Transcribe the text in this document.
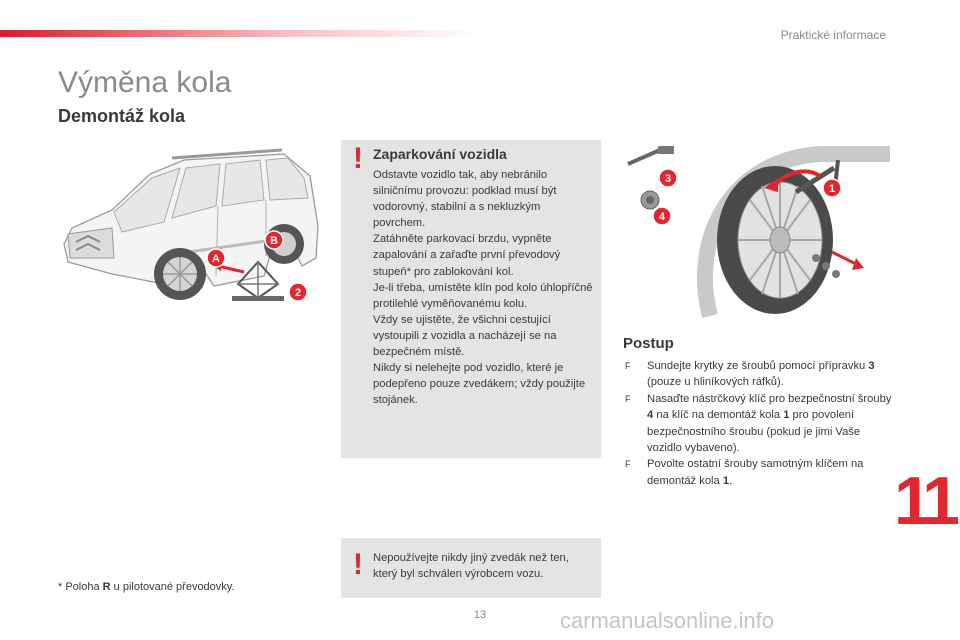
Praktické informace
Výměna kola
Demontáž kola
A
B
2
! Zaparkování vozidla

Odstavte vozidlo tak, aby nebránilo silničnímu provozu: podklad musí být vodorovný, stabilní a s nekluzkým povrchem.

Zatáhněte parkovací brzdu, vypněte zapalování a zařaďte první převodový stupeň* pro zablokování kol.

Je-li třeba, umístěte klín pod kolo úhlopříčně protilehlé vyměňovanému kolu.

Vždy se ujistěte, že všichni cestující vystoupili z vozidla a nacházejí se na bezpečném místě.

Nikdy si nelehejte pod vozidlo, které je podepřeno pouze zvedákem; vždy použijte stojánek.

! Nepoužívejte nikdy jiný zvedák než ten, který byl schválen výrobcem vozu.
* Poloha R u pilotované převodovky.
3
4
1
Postup
F Sundejte krytky ze šroubů pomocí přípravku 3 (pouze u hliníkových ráfků).
F Nasaďte nástrčkový klíč pro bezpečnostní šrouby 4 na klíč na demontáž kola 1 pro povolení bezpečnostního šroubu (pokud je jimi Vaše vozidlo vybaveno).
F Povolte ostatní šrouby samotným klíčem na demontáž kola 1.	11
13	carmanualsonline.info
